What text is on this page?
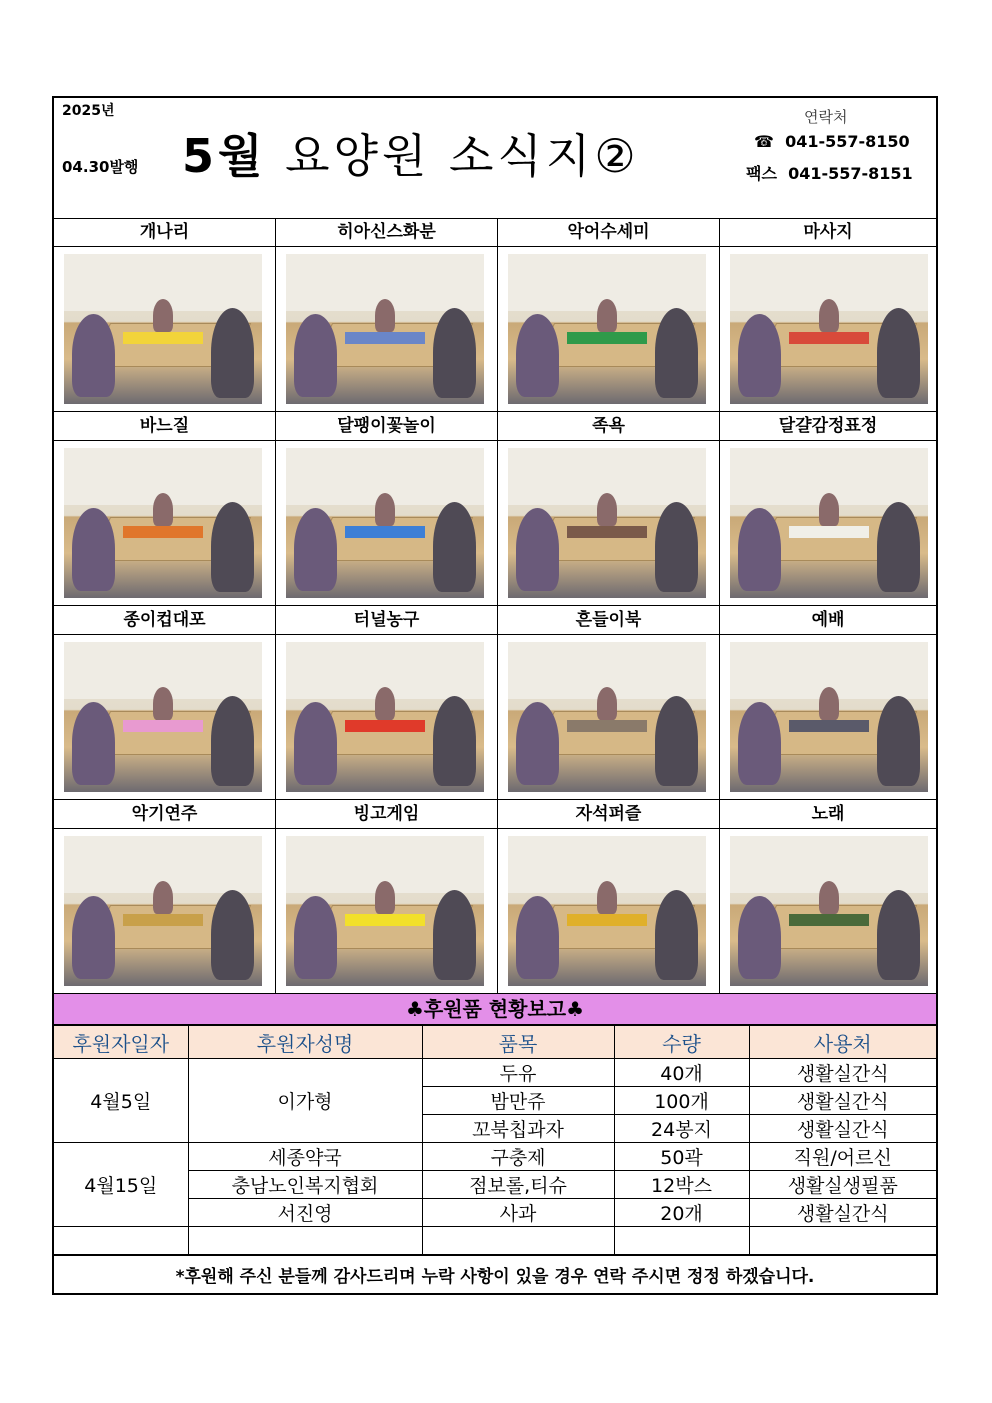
2025년
04.30발행 5월 요양원 소식지②
연락처
☎ 041-557-8150
팩스 041-557-8151
개나리	히아신스화분	악어수세미	마사지
바느질	달팽이꽃놀이	족욕	달걀감정표정
종이컵대포	터널농구	흔들이북	예배
악기연주	빙고게임	자석퍼즐	노래
♣후원품 현황보고♣
후원자일자	후원자성명	품목	수량	사용처
4월5일	이가형	두유	40개	생활실간식
		밤만쥬	100개	생활실간식
		꼬북칩과자	24봉지	생활실간식
4월15일	세종약국	구충제	50곽	직원/어르신
	충남노인복지협회	점보롤,티슈	12박스	생활실생필품
	서진영	사과	20개	생활실간식

*후원해 주신 분들께 감사드리며 누락 사항이 있을 경우 연락 주시면 정정 하겠습니다.
